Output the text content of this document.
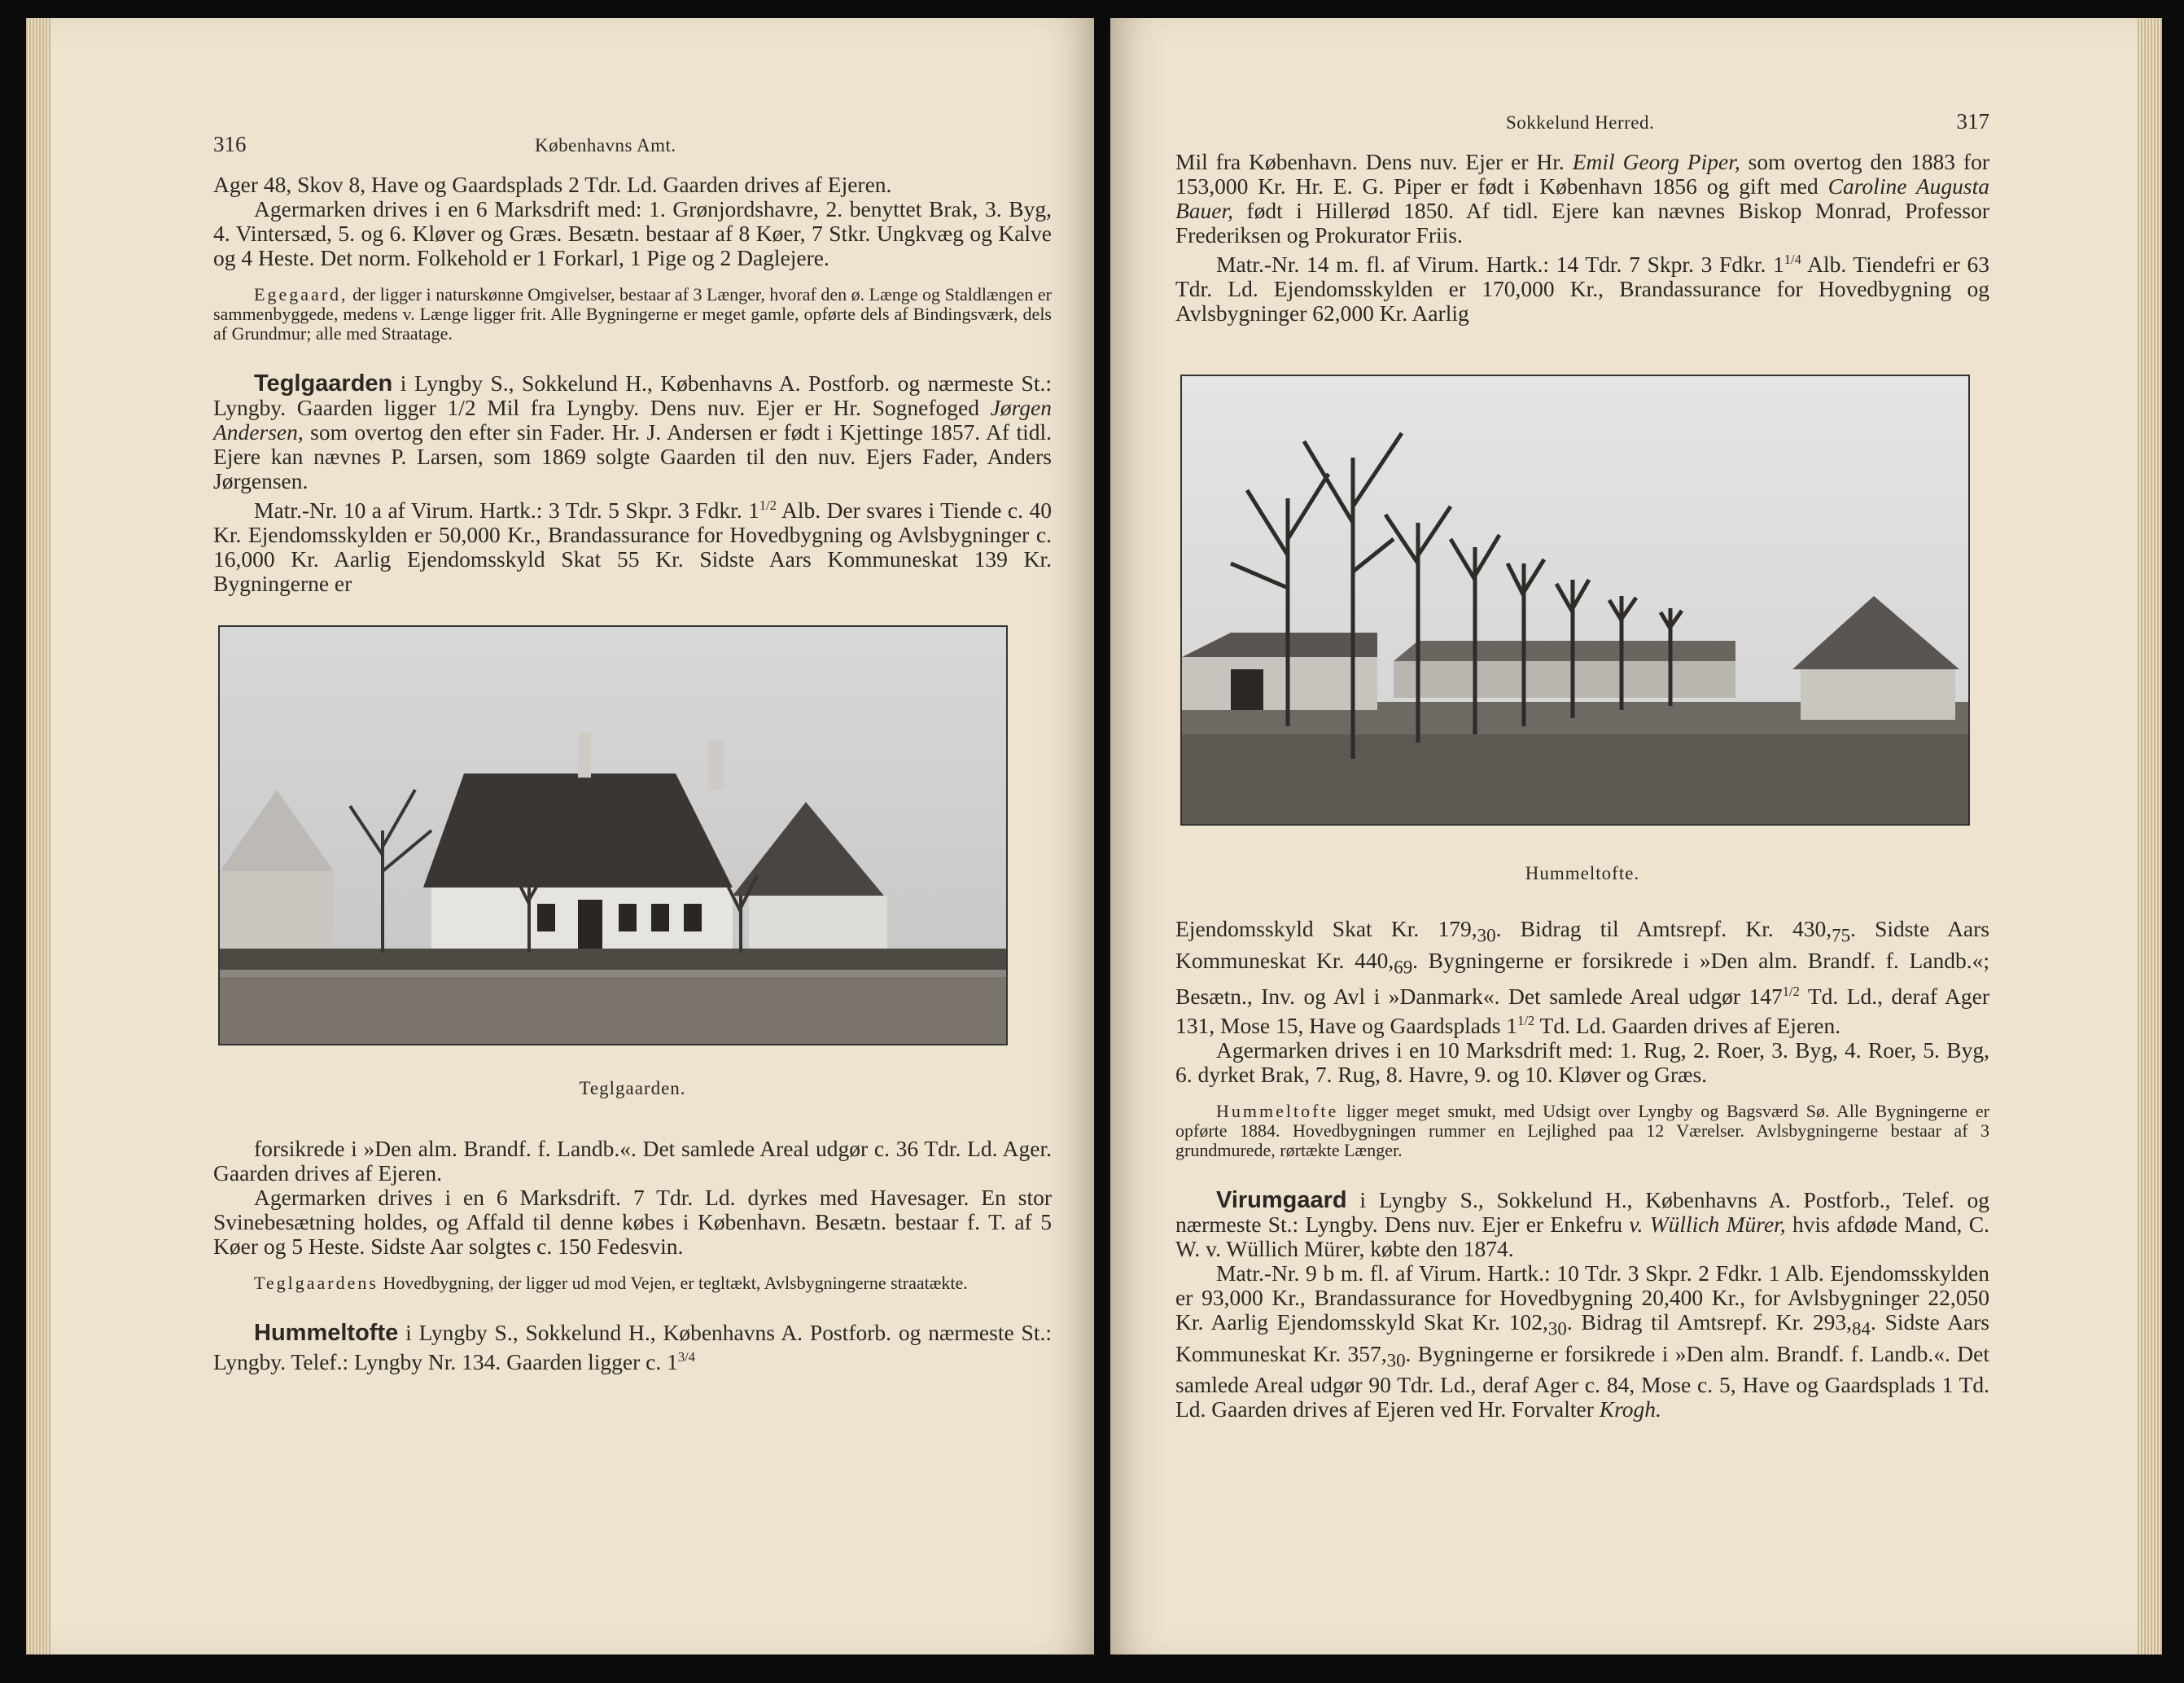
316	Københavns Amt.

Ager 48, Skov 8, Have og Gaardsplads 2 Tdr. Ld. Gaarden drives af Ejeren.

Agermarken drives i en 6 Marksdrift med: 1. Grønjordshavre, 2. benyttet Brak, 3. Byg, 4. Vintersæd, 5. og 6. Kløver og Græs. Besætn. bestaar af 8 Køer, 7 Stkr. Ungkvæg og Kalve og 4 Heste. Det norm. Folkehold er 1 Forkarl, 1 Pige og 2 Daglejere.

Egegaard, der ligger i naturskønne Omgivelser, bestaar af 3 Længer, hvoraf den ø. Længe og Staldlængen er sammenbyggede, medens v. Længe ligger frit. Alle Bygningerne er meget gamle, opførte dels af Bindingsværk, dels af Grundmur; alle med Straatage.

Teglgaarden i Lyngby S., Sokkelund H., Københavns A. Postforb. og nærmeste St.: Lyngby. Gaarden ligger 1/2 Mil fra Lyngby. Dens nuv. Ejer er Hr. Sognefoged Jørgen Andersen, som overtog den efter sin Fader. Hr. J. Andersen er født i Kjettinge 1857. Af tidl. Ejere kan nævnes P. Larsen, som 1869 solgte Gaarden til den nuv. Ejers Fader, Anders Jørgensen.

Matr.-Nr. 10 a af Virum. Hartk.: 3 Tdr. 5 Skpr. 3 Fdkr. $1^{1/2}$ Alb. Der svares i Tiende c. 40 Kr. Ejendomsskylden er 50,000 Kr., Brandassurance for Hovedbygning og Avlsbygninger c. 16,000 Kr. Aarlig Ejendomsskyld Skat 55 Kr. Sidste Aars Kommuneskat 139 Kr. Bygningerne er

Teglgaarden.

forsikrede i »Den alm. Brandf. f. Landb.«. Det samlede Areal udgør c. 36 Tdr. Ld. Ager. Gaarden drives af Ejeren.

Agermarken drives i en 6 Marksdrift. 7 Tdr. Ld. dyrkes med Havesager. En stor Svinebesætning holdes, og Affald til denne købes i København. Besætn. bestaar f. T. af 5 Køer og 5 Heste. Sidste Aar solgtes c. 150 Fedesvin.

Teglgaardens Hovedbygning, der ligger ud mod Vejen, er tegltækt, Avlsbygningerne straatækte.

Hummeltofte i Lyngby S., Sokkelund H., Københavns A. Postforb. og nærmeste St.: Lyngby. Telef.: Lyngby Nr. 134. Gaarden ligger c. $1^{3/4}$

Sokkelund Herred.	317

Mil fra København. Dens nuv. Ejer er Hr. Emil Georg Piper, som overtog den 1883 for 153,000 Kr. Hr. E. G. Piper er født i København 1856 og gift med Caroline Augusta Bauer, født i Hillerød 1850. Af tidl. Ejere kan nævnes Biskop Monrad, Professor Frederiksen og Prokurator Friis.

Matr.-Nr. 14 m. fl. af Virum. Hartk.: 14 Tdr. 7 Skpr. 3 Fdkr. $1^{1/4}$ Alb. Tiendefri er 63 Tdr. Ld. Ejendomsskylden er 170,000 Kr., Brandassurance for Hovedbygning og Avlsbygninger 62,000 Kr. Aarlig

Hummeltofte.

Ejendomsskyld Skat Kr. $179,_{30}$. Bidrag til Amtsrepf. Kr. $430,_{75}$. Sidste Aars Kommuneskat Kr. $440,_{69}$. Bygningerne er forsikrede i »Den alm. Brandf. f. Landb.«; Besætn., Inv. og Avl i »Danmark«. Det samlede Areal udgør $147^{1/2}$ Td. Ld., deraf Ager 131, Mose 15, Have og Gaardsplads $1^{1/2}$ Td. Ld. Gaarden drives af Ejeren.

Agermarken drives i en 10 Marksdrift med: 1. Rug, 2. Roer, 3. Byg, 4. Roer, 5. Byg, 6. dyrket Brak, 7. Rug, 8. Havre, 9. og 10. Kløver og Græs.

Hummeltofte ligger meget smukt, med Udsigt over Lyngby og Bagsværd Sø. Alle Bygningerne er opførte 1884. Hovedbygningen rummer en Lejlighed paa 12 Værelser. Avlsbygningerne bestaar af 3 grundmurede, rørtækte Længer.

Virumgaard i Lyngby S., Sokkelund H., Københavns A. Postforb., Telef. og nærmeste St.: Lyngby. Dens nuv. Ejer er Enkefru v. Wüllich Mürer, hvis afdøde Mand, C. W. v. Wüllich Mürer, købte den 1874.

Matr.-Nr. 9 b m. fl. af Virum. Hartk.: 10 Tdr. 3 Skpr. 2 Fdkr. 1 Alb. Ejendomsskylden er 93,000 Kr., Brandassurance for Hovedbygning 20,400 Kr., for Avlsbygninger 22,050 Kr. Aarlig Ejendomsskyld Skat Kr. $102,_{30}$. Bidrag til Amtsrepf. Kr. $293,_{84}$. Sidste Aars Kommuneskat Kr. $357,_{30}$. Bygningerne er forsikrede i »Den alm. Brandf. f. Landb.«. Det samlede Areal udgør 90 Tdr. Ld., deraf Ager c. 84, Mose c. 5, Have og Gaardsplads 1 Td. Ld. Gaarden drives af Ejeren ved Hr. Forvalter Krogh.
